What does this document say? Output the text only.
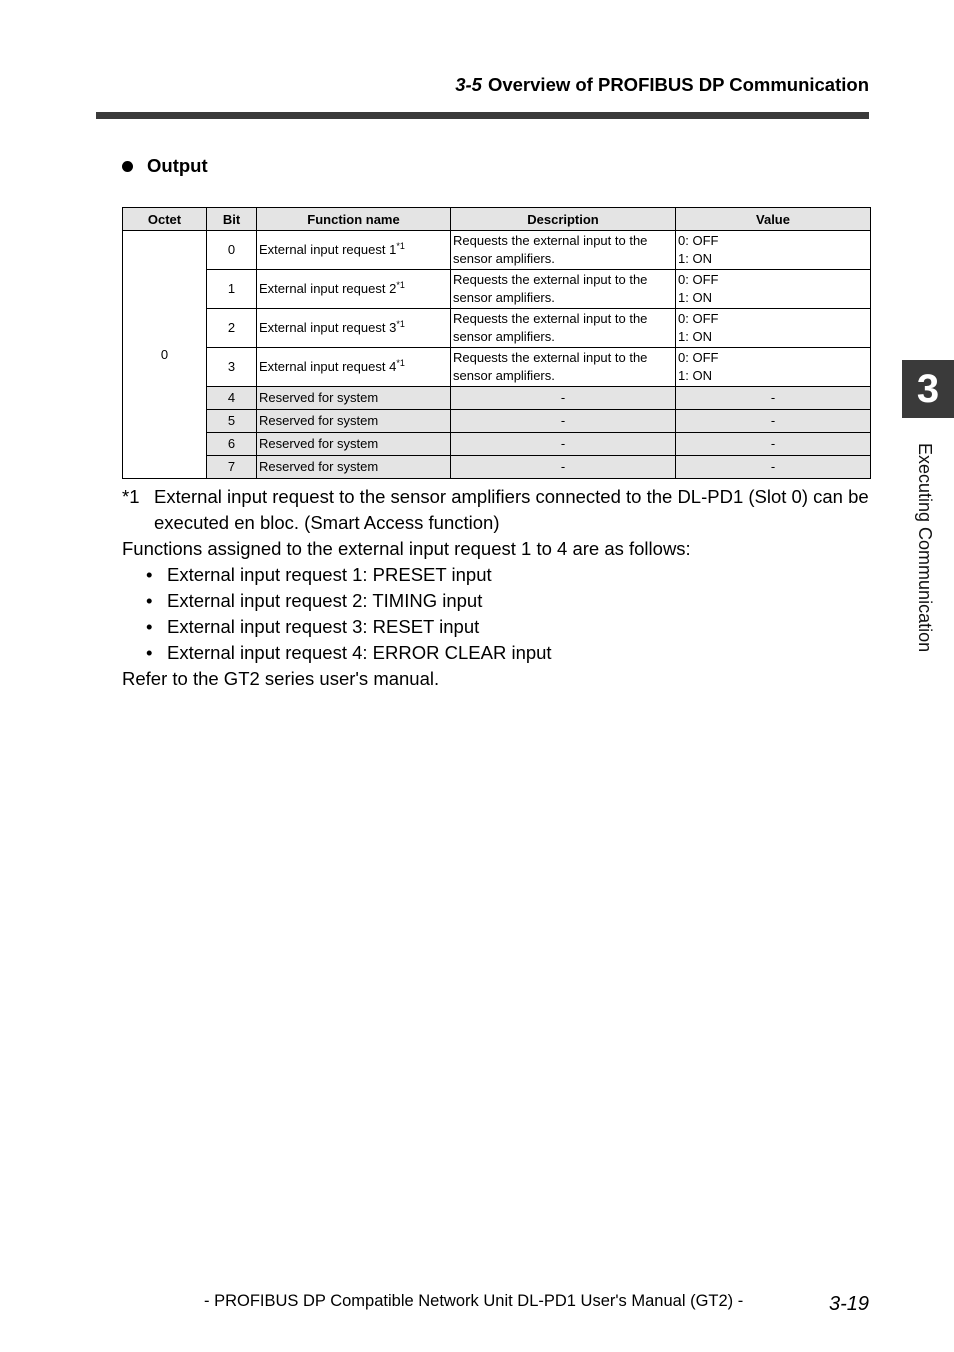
3-5 Overview of PROFIBUS DP Communication
Output
Octet	Bit	Function name	Description	Value
0	0	External input request 1$^{*1}$	Requests the external input to the sensor amplifiers.	0: OFF
1: ON

	1	External input request 2$^{*1}$	Requests the external input to the sensor amplifiers.	0: OFF
1: ON

	2	External input request 3$^{*1}$	Requests the external input to the sensor amplifiers.	0: OFF
1: ON

	3	External input request 4$^{*1}$	Requests the external input to the sensor amplifiers.	0: OFF
1: ON

	4	Reserved for system	-	-
	5	Reserved for system	-	-
	6	Reserved for system	-	-
	7	Reserved for system	-	-
*1 External input request to the sensor amplifiers connected to the DL-PD1 (Slot 0) can be executed en bloc. (Smart Access function)
Functions assigned to the external input request 1 to 4 are as follows:
• External input request 1: PRESET input
• External input request 2: TIMING input
• External input request 3: RESET input
• External input request 4: ERROR CLEAR input
Refer to the GT2 series user's manual.
3
Executing Communication
- PROFIBUS DP Compatible Network Unit DL-PD1 User's Manual (GT2) -	3-19
